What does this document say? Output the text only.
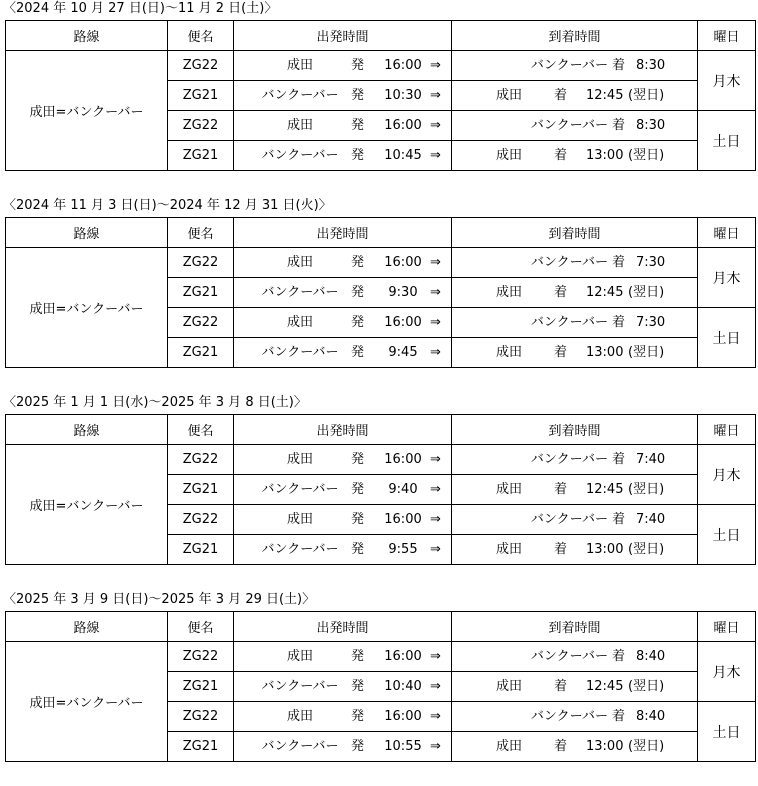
〈2024 年 10 月 27 日(日)〜11 月 2 日(土)〉
路線	便名	出発時間	到着時間	曜日
成田=バンクーバー	ZG22	成田 発 16:00 ⇒	バンクーバー 着 8:30	月木
	ZG21	バンクーバー 発 10:30 ⇒	成田 着 12:45 (翌日)	

	ZG22	成田 発 16:00 ⇒	バンクーバー 着 8:30	土日
	ZG21	バンクーバー 発 10:45 ⇒	成田 着 13:00 (翌日)	
〈2024 年 11 月 3 日(日)〜2024 年 12 月 31 日(火)〉
路線	便名	出発時間	到着時間	曜日
成田=バンクーバー	ZG22	成田 発 16:00 ⇒	バンクーバー 着 7:30	月木
	ZG21	バンクーバー 発 9:30 ⇒	成田 着 12:45 (翌日)	

	ZG22	成田 発 16:00 ⇒	バンクーバー 着 7:30	土日
	ZG21	バンクーバー 発 9:45 ⇒	成田 着 13:00 (翌日)	
〈2025 年 1 月 1 日(水)〜2025 年 3 月 8 日(土)〉
路線	便名	出発時間	到着時間	曜日
成田=バンクーバー	ZG22	成田 発 16:00 ⇒	バンクーバー 着 7:40	月木
	ZG21	バンクーバー 発 9:40 ⇒	成田 着 12:45 (翌日)	

	ZG22	成田 発 16:00 ⇒	バンクーバー 着 7:40	土日
	ZG21	バンクーバー 発 9:55 ⇒	成田 着 13:00 (翌日)	
〈2025 年 3 月 9 日(日)〜2025 年 3 月 29 日(土)〉
路線	便名	出発時間	到着時間	曜日
成田=バンクーバー	ZG22	成田 発 16:00 ⇒	バンクーバー 着 8:40	月木
	ZG21	バンクーバー 発 10:40 ⇒	成田 着 12:45 (翌日)	

	ZG22	成田 発 16:00 ⇒	バンクーバー 着 8:40	土日
	ZG21	バンクーバー 発 10:55 ⇒	成田 着 13:00 (翌日)	
